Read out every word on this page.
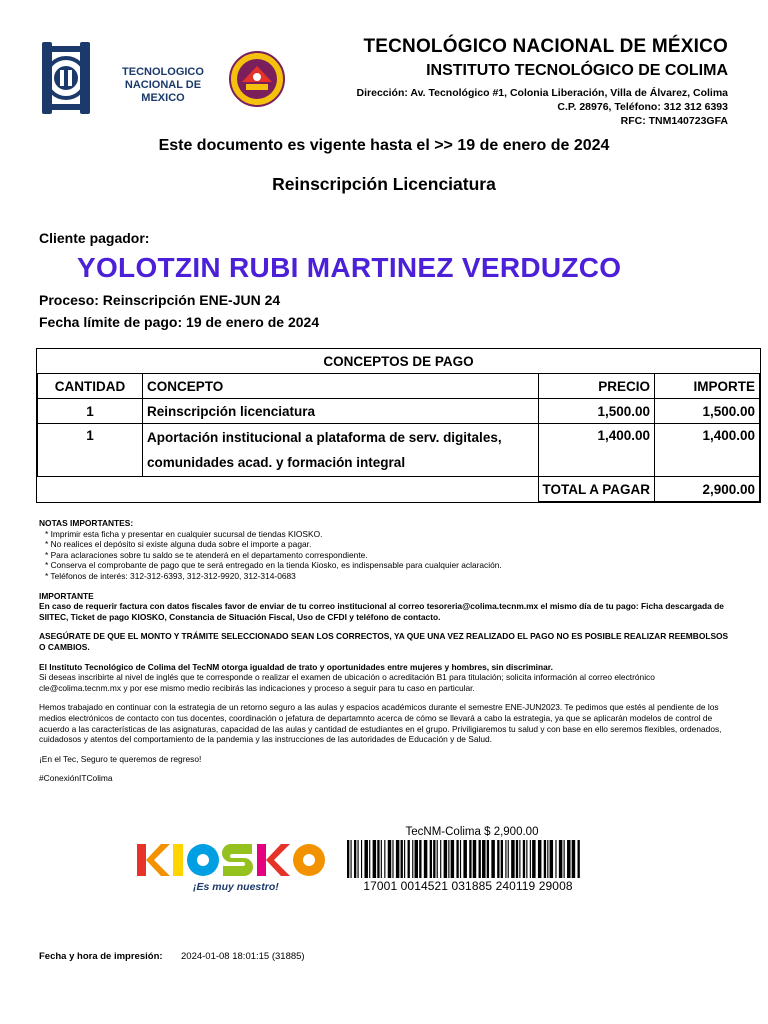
TECNOLOGICO
NACIONAL DE MEXICO
TECNOLÓGICO NACIONAL DE MÉXICO
INSTITUTO TECNOLÓGICO DE COLIMA
Dirección: Av. Tecnológico #1, Colonia Liberación, Villa de Álvarez, Colima
C.P. 28976, Teléfono: 312 312 6393
RFC: TNM140723GFA
Este documento es vigente hasta el >> 19 de enero de 2024
Reinscripción Licenciatura
Cliente pagador:
YOLOTZIN RUBI MARTINEZ VERDUZCO
Proceso: Reinscripción ENE-JUN 24
Fecha límite de pago: 19 de enero de 2024
CONCEPTOS DE PAGO			
CANTIDAD	CONCEPTO	PRECIO	IMPORTE
1	Reinscripción licenciatura	1,500.00	1,500.00
1	Aportación institucional a plataforma de serv. digitales,
comunidades acad. y formación integral	1,400.00	1,400.00
		TOTAL A PAGAR	2,900.00

NOTAS IMPORTANTES:

* Imprimir esta ficha y presentar en cualquier sucursal de tiendas KIOSKO.

* No realices el depósito si existe alguna duda sobre el importe a pagar.

* Para aclaraciones sobre tu saldo se te atenderá en el departamento correspondiente.

* Conserva el comprobante de pago que te será entregado en la tienda Kiosko, es indispensable para cualquier aclaración.

* Teléfonos de interés: 312-312-6393, 312-312-9920, 312-314-0683

IMPORTANTE

En caso de requerir factura con datos fiscales favor de enviar de tu correo institucional al correo tesoreria@colima.tecnm.mx el mismo día de tu pago: Ficha descargada de SIITEC, Ticket de pago KIOSKO, Constancia de Situación Fiscal, Uso de CFDI y teléfono de contacto.

ASEGÚRATE DE QUE EL MONTO Y TRÁMITE SELECCIONADO SEAN LOS CORRECTOS, YA QUE UNA VEZ REALIZADO EL PAGO NO ES POSIBLE REALIZAR REEMBOLSOS O CAMBIOS.

El Instituto Tecnológico de Colima del TecNM otorga igualdad de trato y oportunidades entre mujeres y hombres, sin discriminar.

Si deseas inscribirte al nivel de inglés que te corresponde o realizar el examen de ubicación o acreditación B1 para titulación; solicita información al correo electrónico cle@colima.tecnm.mx y por ese mismo medio recibirás las indicaciones y proceso a seguir para tu caso en particular.

Hemos trabajado en continuar con la estrategia de un retorno seguro a las aulas y espacios académicos durante el semestre ENE-JUN2023. Te pedimos que estés al pendiente de los medios electrónicos de contacto con tus docentes, coordinación o jefatura de departamnto acerca de cómo se llevará a cabo la estrategia, ya que se aplicarán modelos de control de acuerdo a las características de las asignaturas, capacidad de las aulas y cantidad de estudiantes en el grupo. Priviligiaremos tu salud y con base en ello seremos flexibles, ordenados, cuidadosos y atentos del comportamiento de la pandemia y las instrucciones de las autoridades de Educación y de Salud.

¡En el Tec, Seguro te queremos de regreso!

#ConexiónITColima

¡Es muy nuestro!
TecNM-Colima $ 2,900.00
17001 0014521 031885 240119 29008
Fecha y hora de impresión: 2024-01-08 18:01:15 (31885)
